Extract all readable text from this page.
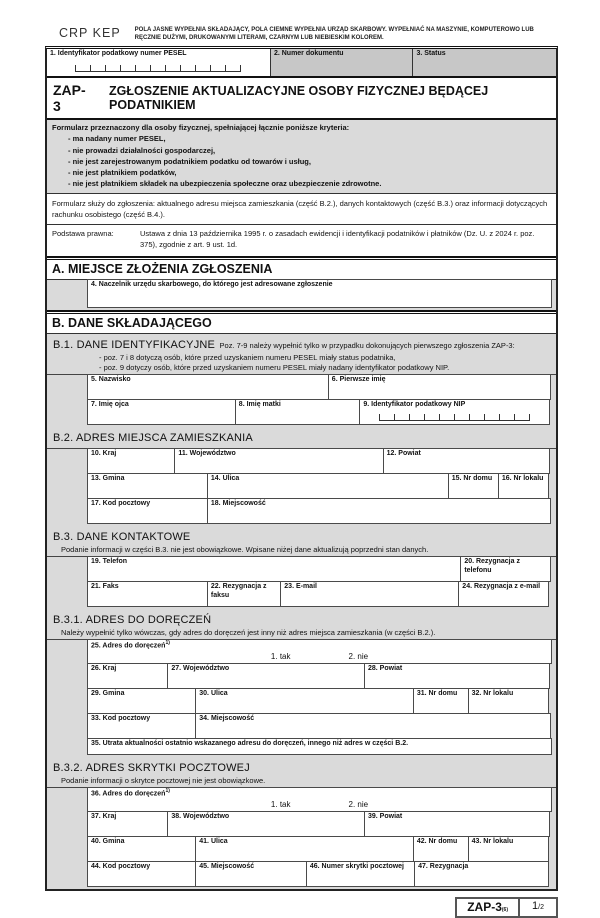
CRP KEP POLA JASNE WYPEŁNIA SKŁADAJĄCY, POLA CIEMNE WYPEŁNIA URZĄD SKARBOWY. WYPEŁNIAĆ NA MASZYNIE, KOMPUTEROWO LUB RĘCZNIE DUŻYMI, DRUKOWANYMI LITERAMI, CZARNYM LUB NIEBIESKIM KOLOREM.
1. Identyfikator podatkowy numer PESEL	2. Numer dokumentu	3. Status
ZAP-3
ZGŁOSZENIE AKTUALIZACYJNE OSOBY FIZYCZNEJ BĘDĄCEJ PODATNIKIEM
Formularz przeznaczony dla osoby fizycznej, spełniającej łącznie poniższe kryteria:
- ma nadany numer PESEL,
- nie prowadzi działalności gospodarczej,
- nie jest zarejestrowanym podatnikiem podatku od towarów i usług,
- nie jest płatnikiem podatków,
- nie jest płatnikiem składek na ubezpieczenia społeczne oraz ubezpieczenie zdrowotne.
Formularz służy do zgłoszenia: aktualnego adresu miejsca zamieszkania (część B.2.), danych kontaktowych (część B.3.) oraz informacji dotyczących rachunku osobistego (część B.4.).
Podstawa prawna:	Ustawa z dnia 13 października 1995 r. o zasadach ewidencji i identyfikacji podatników i płatników (Dz. U. z 2024 r. poz. 375), zgodnie z art. 9 ust. 1d.
A. MIEJSCE ZŁOŻENIA ZGŁOSZENIA
4. Naczelnik urzędu skarbowego, do którego jest adresowane zgłoszenie
B. DANE SKŁADAJĄCEGO
B.1. DANE IDENTYFIKACYJNE Poz. 7-9 należy wypełnić tylko w przypadku dokonujących pierwszego zgłoszenia ZAP-3:
- poz. 7 i 8 dotyczą osób, które przed uzyskaniem numeru PESEL miały status podatnika,
- poz. 9 dotyczy osób, które przed uzyskaniem numeru PESEL miały nadany identyfikator podatkowy NIP.
5. Nazwisko	6. Pierwsze imię
7. Imię ojca	8. Imię matki	9. Identyfikator podatkowy NIP
B.2. ADRES MIEJSCA ZAMIESZKANIA
10. Kraj	11. Województwo	12. Powiat
13. Gmina	14. Ulica	15. Nr domu	16. Nr lokalu
17. Kod pocztowy	18. Miejscowość
B.3. DANE KONTAKTOWE
Podanie informacji w części B.3. nie jest obowiązkowe. Wpisane niżej dane aktualizują poprzedni stan danych.
19. Telefon	20. Rezygnacja z telefonu
21. Faks	22. Rezygnacja z faksu
23. E-mail	24. Rezygnacja z e-mail
B.3.1. ADRES DO DORĘCZEŃ
Należy wypełnić tylko wówczas, gdy adres do doręczeń jest inny niż adres miejsca zamieszkania (w części B.2.).
25. Adres do doręczeń$^{1)}$
1. tak	2. nie
26. Kraj	27. Województwo	28. Powiat
29. Gmina	30. Ulica	31. Nr domu	32. Nr lokalu
33. Kod pocztowy	34. Miejscowość
35. Utrata aktualności ostatnio wskazanego adresu do doręczeń, innego niż adres w części B.2.
B.3.2. ADRES SKRYTKI POCZTOWEJ
Podanie informacji o skrytce pocztowej nie jest obowiązkowe.
36. Adres do doręczeń$^{1)}$
1. tak	2. nie
37. Kraj	38. Województwo	39. Powiat
40. Gmina	41. Ulica	42. Nr domu	43. Nr lokalu
44. Kod pocztowy	45. Miejscowość	46. Numer skrytki pocztowej	47. Rezygnacja
ZAP-3(6)	1/2
